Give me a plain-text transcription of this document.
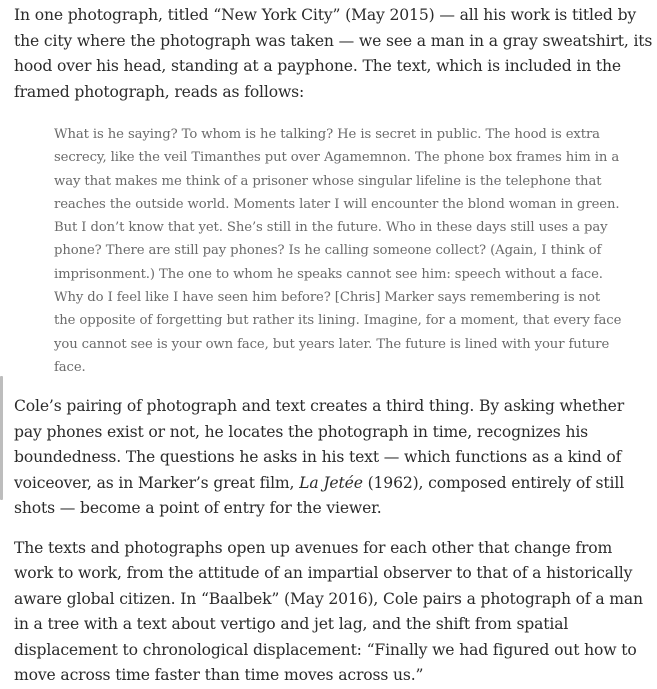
In one photograph, titled “New York City” (May 2015) — all his work is titled by the city where the photograph was taken — we see a man in a gray sweatshirt, its hood over his head, standing at a payphone. The text, which is included in the framed photograph, reads as follows:

What is he saying? To whom is he talking? He is secret in public. The hood is extra secrecy, like the veil Timanthes put over Agamemnon. The phone box frames him in a way that makes me think of a prisoner whose singular lifeline is the telephone that reaches the outside world. Moments later I will encounter the blond woman in green. But I don’t know that yet. She’s still in the future. Who in these days still uses a pay phone? There are still pay phones? Is he calling someone collect? (Again, I think of imprisonment.) The one to whom he speaks cannot see him: speech without a face. Why do I feel like I have seen him before? [Chris] Marker says remembering is not the opposite of forgetting but rather its lining. Imagine, for a moment, that every face you cannot see is your own face, but years later. The future is lined with your future face.

Cole’s pairing of photograph and text creates a third thing. By asking whether pay phones exist or not, he locates the photograph in time, recognizes his boundedness. The questions he asks in his text — which functions as a kind of voiceover, as in Marker’s great film, La Jetée (1962), composed entirely of still shots — become a point of entry for the viewer.

The texts and photographs open up avenues for each other that change from work to work, from the attitude of an impartial observer to that of a historically aware global citizen. In “Baalbek” (May 2016), Cole pairs a photograph of a man in a tree with a text about vertigo and jet lag, and the shift from spatial displacement to chronological displacement: “Finally we had figured out how to move across time faster than time moves across us.”
